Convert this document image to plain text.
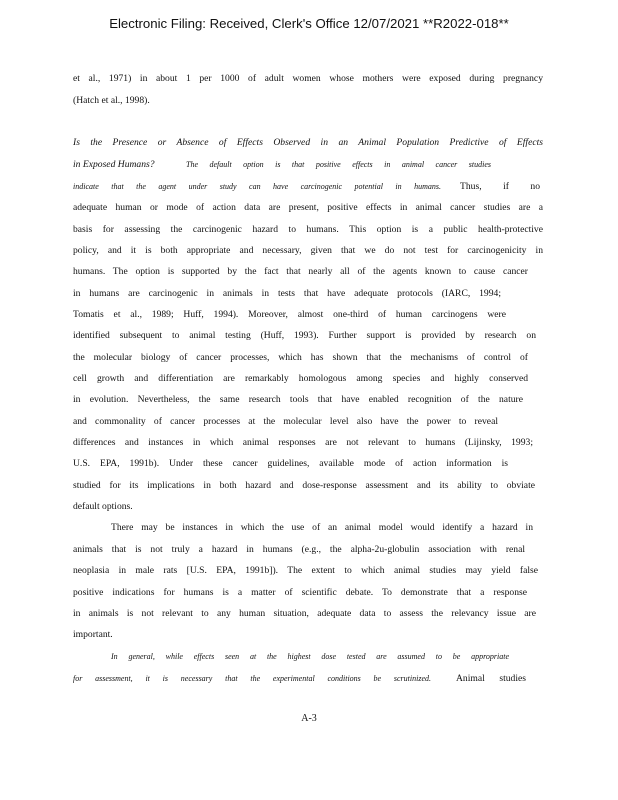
Electronic Filing: Received, Clerk's Office 12/07/2021 **R2022-018**
et al., 1971) in about 1 per 1000 of adult women whose mothers were exposed during pregnancy
(Hatch et al., 1998).
Is the Presence or Absence of Effects Observed in an Animal Population Predictive of Effects
in Exposed Humans?	The default option is that positive effects in animal cancer studies
indicate that the agent under study can have carcinogenic potential in humans. Thus, if no
adequate human or mode of action data are present, positive effects in animal cancer studies are a
basis for assessing the carcinogenic hazard to humans. This option is a public health-protective
policy, and it is both appropriate and necessary, given that we do not test for carcinogenicity in
humans. The option is supported by the fact that nearly all of the agents known to cause cancer
in humans are carcinogenic in animals in tests that have adequate protocols (IARC, 1994;
Tomatis et al., 1989; Huff, 1994). Moreover, almost one-third of human carcinogens were
identified subsequent to animal testing (Huff, 1993). Further support is provided by research on
the molecular biology of cancer processes, which has shown that the mechanisms of control of
cell growth and differentiation are remarkably homologous among species and highly conserved
in evolution. Nevertheless, the same research tools that have enabled recognition of the nature
and commonality of cancer processes at the molecular level also have the power to reveal
differences and instances in which animal responses are not relevant to humans (Lijinsky, 1993;
U.S. EPA, 1991b). Under these cancer guidelines, available mode of action information is
studied for its implications in both hazard and dose-response assessment and its ability to obviate
default options.
There may be instances in which the use of an animal model would identify a hazard in
animals that is not truly a hazard in humans (e.g., the alpha-2u-globulin association with renal
neoplasia in male rats [U.S. EPA, 1991b]). The extent to which animal studies may yield false
positive indications for humans is a matter of scientific debate. To demonstrate that a response
in animals is not relevant to any human situation, adequate data to assess the relevancy issue are
important.
In general, while effects seen at the highest dose tested are assumed to be appropriate
for assessment, it is necessary that the experimental conditions be scrutinized.	Animal studies
A-3
